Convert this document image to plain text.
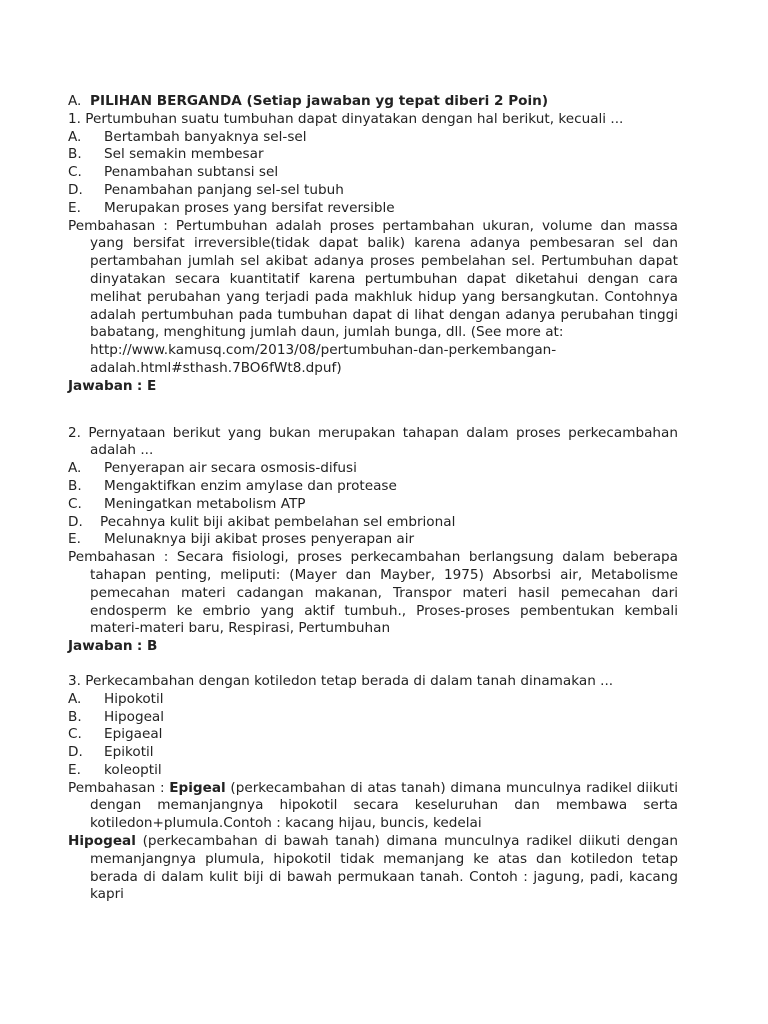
A. PILIHAN BERGANDA (Setiap jawaban yg tepat diberi 2 Poin)
1. Pertumbuhan suatu tumbuhan dapat dinyatakan dengan hal berikut, kecuali ...
A.	Bertambah banyaknya sel-sel
B.	Sel semakin membesar
C.	Penambahan subtansi sel
D.	Penambahan panjang sel-sel tubuh
E.	Merupakan proses yang bersifat reversible
Pembahasan : Pertumbuhan adalah proses pertambahan ukuran, volume dan massa yang bersifat irreversible(tidak dapat balik) karena adanya pembesaran sel dan pertambahan jumlah sel akibat adanya proses pembelahan sel. Pertumbuhan dapat dinyatakan secara kuantitatif karena pertumbuhan dapat diketahui dengan cara melihat perubahan yang terjadi pada makhluk hidup yang bersangkutan. Contohnya adalah pertumbuhan pada tumbuhan dapat di lihat dengan adanya perubahan tinggi babatang, menghitung jumlah daun, jumlah bunga, dll. (See more at:
http://www.kamusq.com/2013/08/pertumbuhan-dan-perkembangan-
adalah.html#sthash.7BO6fWt8.dpuf)
Jawaban : E
2. Pernyataan berikut yang bukan merupakan tahapan dalam proses perkecambahan adalah ...
A.	Penyerapan air secara osmosis-difusi
B.	Mengaktifkan enzim amylase dan protease
C.	Meningatkan metabolism ATP
D.	Pecahnya kulit biji akibat pembelahan sel embrional
E.	Melunaknya biji akibat proses penyerapan air
Pembahasan : Secara fisiologi, proses perkecambahan berlangsung dalam beberapa tahapan penting, meliputi: (Mayer dan Mayber, 1975) Absorbsi air, Metabolisme pemecahan materi cadangan makanan, Transpor materi hasil pemecahan dari endosperm ke embrio yang aktif tumbuh., Proses-proses pembentukan kembali materi-materi baru, Respirasi, Pertumbuhan
Jawaban : B
3. Perkecambahan dengan kotiledon tetap berada di dalam tanah dinamakan ...
A.	Hipokotil
B.	Hipogeal
C.	Epigaeal
D.	Epikotil
E.	koleoptil
Pembahasan : Epigeal (perkecambahan di atas tanah) dimana munculnya radikel diikuti dengan memanjangnya hipokotil secara keseluruhan dan membawa serta kotiledon+plumula.Contoh : kacang hijau, buncis, kedelai
Hipogeal (perkecambahan di bawah tanah) dimana munculnya radikel diikuti dengan memanjangnya plumula, hipokotil tidak memanjang ke atas dan kotiledon tetap berada di dalam kulit biji di bawah permukaan tanah. Contoh : jagung, padi, kacang kapri
